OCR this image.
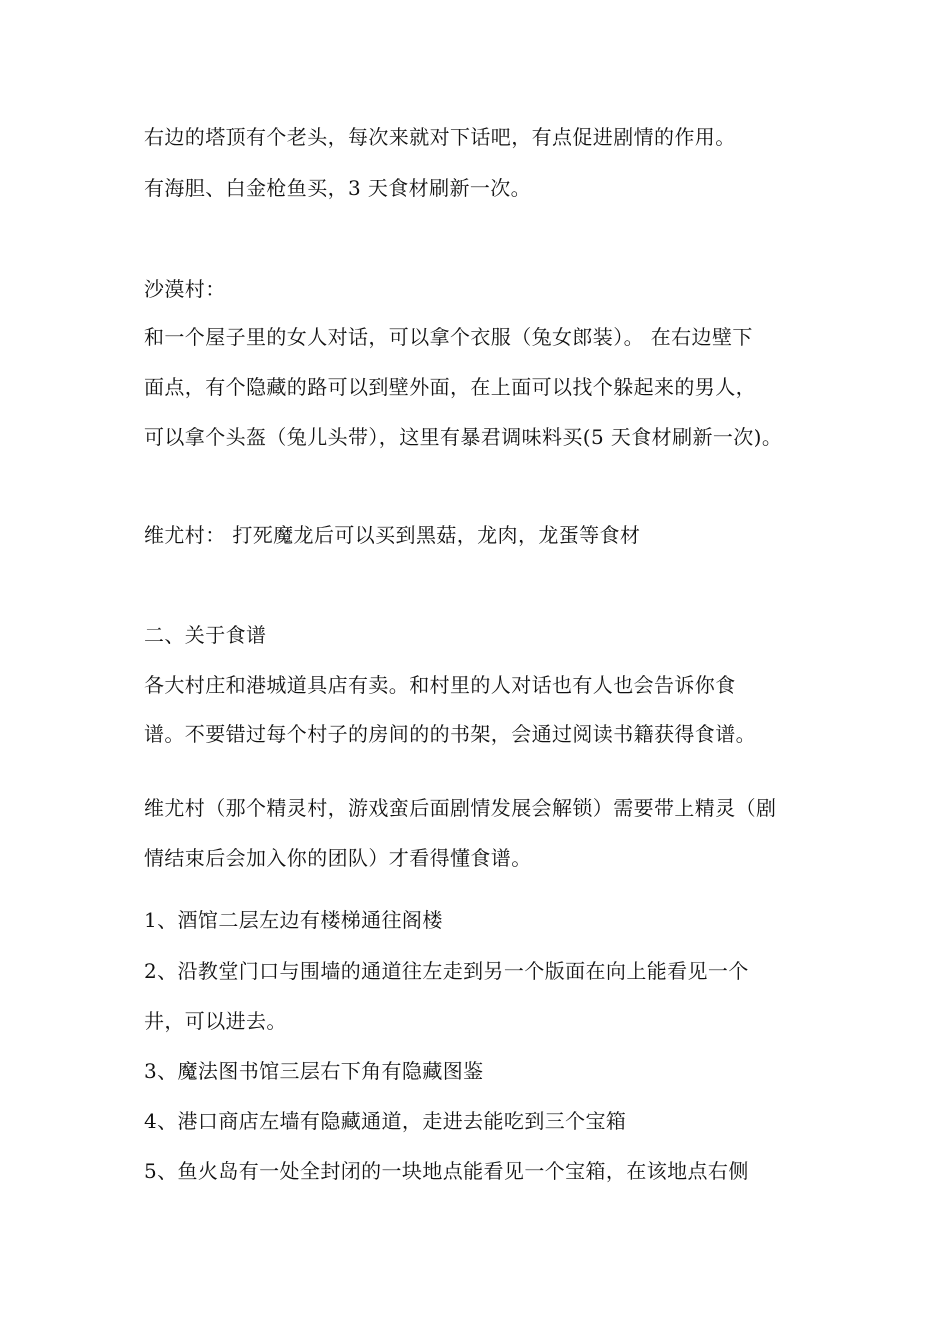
右边的塔顶有个老头，每次来就对下话吧，有点促进剧情的作用。
有海胆、白金枪鱼买，3 天食材刷新一次。
沙漠村：
和一个屋子里的女人对话，可以拿个衣服（兔女郎装）。 在右边壁下
面点，有个隐藏的路可以到壁外面，在上面可以找个躲起来的男人，
可以拿个头盔（兔儿头带），这里有暴君调味料买(5 天食材刷新一次)。
维尤村： 打死魔龙后可以买到黑菇，龙肉，龙蛋等食材
二、关于食谱
各大村庄和港城道具店有卖。和村里的人对话也有人也会告诉你食
谱。不要错过每个村子的房间的的书架，会通过阅读书籍获得食谱。
维尤村（那个精灵村，游戏蛮后面剧情发展会解锁）需要带上精灵（剧
情结束后会加入你的团队）才看得懂食谱。
1、酒馆二层左边有楼梯通往阁楼
2、沿教堂门口与围墙的通道往左走到另一个版面在向上能看见一个
井，可以进去。
3、魔法图书馆三层右下角有隐藏图鉴
4、港口商店左墙有隐藏通道，走进去能吃到三个宝箱
5、鱼火岛有一处全封闭的一块地点能看见一个宝箱，在该地点右侧
